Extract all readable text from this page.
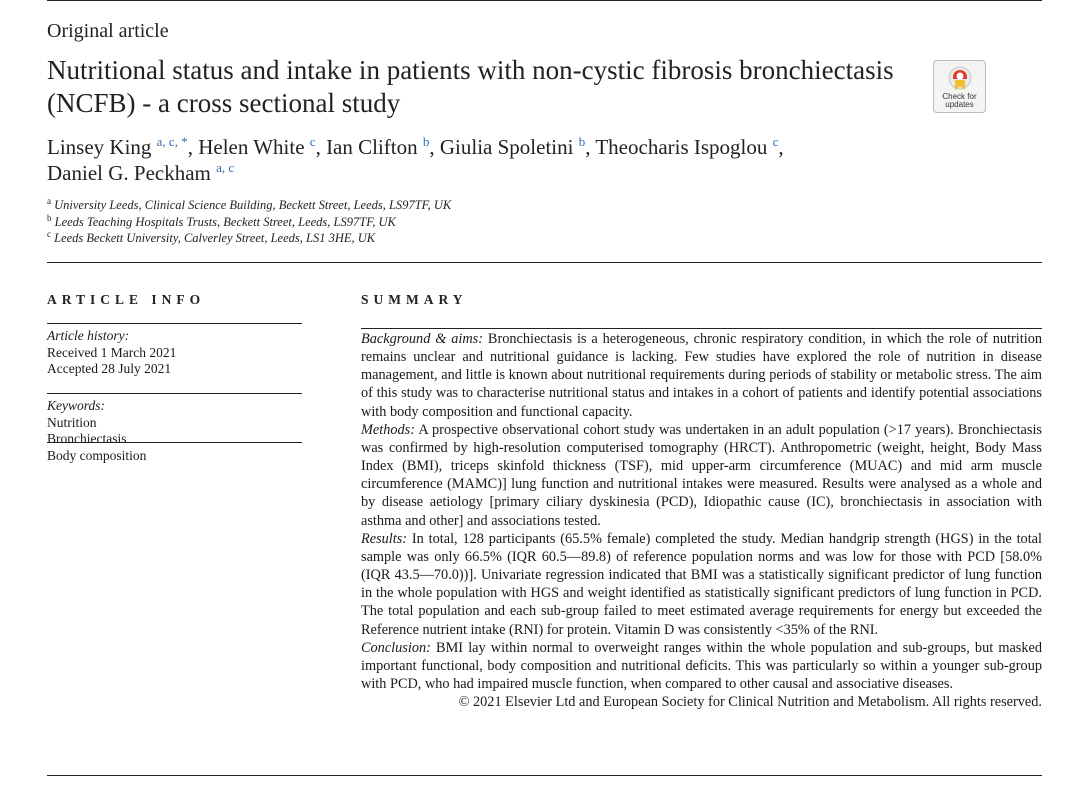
Original article
Nutritional status and intake in patients with non-cystic fibrosis bronchiectasis (NCFB) - a cross sectional study	Check for
updates
Linsey King $^{a, c, *}$, Helen White $^c$, Ian Clifton $^b$, Giulia Spoletini $^b$, Theocharis Ispoglou $^c$,
Daniel G. Peckham $^{a, c}$
$^a$ University Leeds, Clinical Science Building, Beckett Street, Leeds, LS97TF, UK
$^b$ Leeds Teaching Hospitals Trusts, Beckett Street, Leeds, LS97TF, UK
$^c$ Leeds Beckett University, Calverley Street, Leeds, LS1 3HE, UK
ARTICLE INFO	SUMMARY
Article history:
Received 1 March 2021
Accepted 28 July 2021
Keywords:
Nutrition
Bronchiectasis
Body composition

Background & aims: Bronchiectasis is a heterogeneous, chronic respiratory condition, in which the role of nutrition remains unclear and nutritional guidance is lacking. Few studies have explored the role of nutrition in disease management, and little is known about nutritional requirements during periods of stability or metabolic stress. The aim of this study was to characterise nutritional status and intakes in a cohort of patients and identify potential associations with body composition and functional capacity.

Methods: A prospective observational cohort study was undertaken in an adult population (>17 years). Bronchiectasis was confirmed by high-resolution computerised tomography (HRCT). Anthropometric (weight, height, Body Mass Index (BMI), triceps skinfold thickness (TSF), mid upper-arm circumference (MUAC) and mid arm muscle circumference (MAMC)] lung function and nutritional intakes were measured. Results were analysed as a whole and by disease aetiology [primary ciliary dyskinesia (PCD), Idiopathic cause (IC), bronchiectasis in association with asthma and other] and associations tested.

Results: In total, 128 participants (65.5% female) completed the study. Median handgrip strength (HGS) in the total sample was only 66.5% (IQR 60.5—89.8) of reference population norms and was low for those with PCD [58.0% (IQR 43.5—70.0))]. Univariate regression indicated that BMI was a statistically significant predictor of lung function in the whole population with HGS and weight identified as statistically significant predictors of lung function in PCD. The total population and each sub-group failed to meet estimated average requirements for energy but exceeded the Reference nutrient intake (RNI) for protein. Vitamin D was consistently <35% of the RNI.

Conclusion: BMI lay within normal to overweight ranges within the whole population and sub-groups, but masked important functional, body composition and nutritional deficits. This was particularly so within a younger sub-group with PCD, who had impaired muscle function, when compared to other causal and associative diseases.

© 2021 Elsevier Ltd and European Society for Clinical Nutrition and Metabolism. All rights reserved.
